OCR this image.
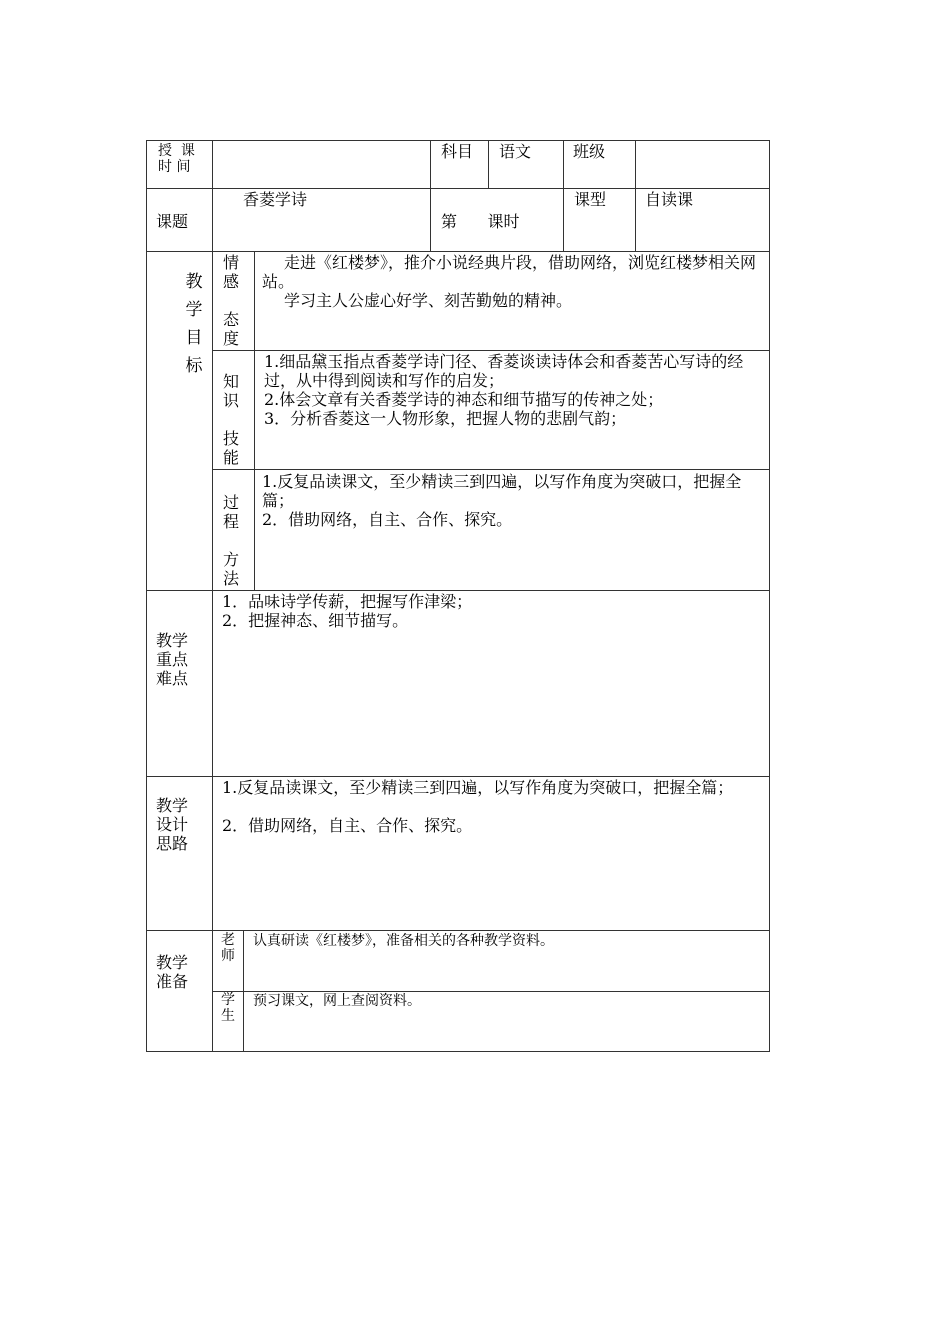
授  课
时 间
科目 语文	班级
课题
香菱学诗
第      课时
课型 自读课
教
学
目
标
情
感

态
度
走进《红楼梦》，推介小说经典片段，借助网络，浏览红楼梦相关网站。
学习主人公虚心好学、刻苦勤勉的精神。
知
识

技
能
1.细品黛玉指点香菱学诗门径、香菱谈读诗体会和香菱苦心写诗的经过，从中得到阅读和写作的启发；
2.体会文章有关香菱学诗的神态和细节描写的传神之处；
3．分析香菱这一人物形象，把握人物的悲剧气韵；
过
程

方
法
1.反复品读课文，至少精读三到四遍，以写作角度为突破口，把握全篇；
2．借助网络，自主、合作、探究。
教学
重点
难点
1．品味诗学传薪，把握写作津梁；
2．把握神态、细节描写。
教学
设计
思路
1.反复品读课文，至少精读三到四遍，以写作角度为突破口，把握全篇；
2．借助网络，自主、合作、探究。
教学
准备
老
师
认真研读《红楼梦》，准备相关的各种教学资料。
学
生
预习课文，网上查阅资料。
